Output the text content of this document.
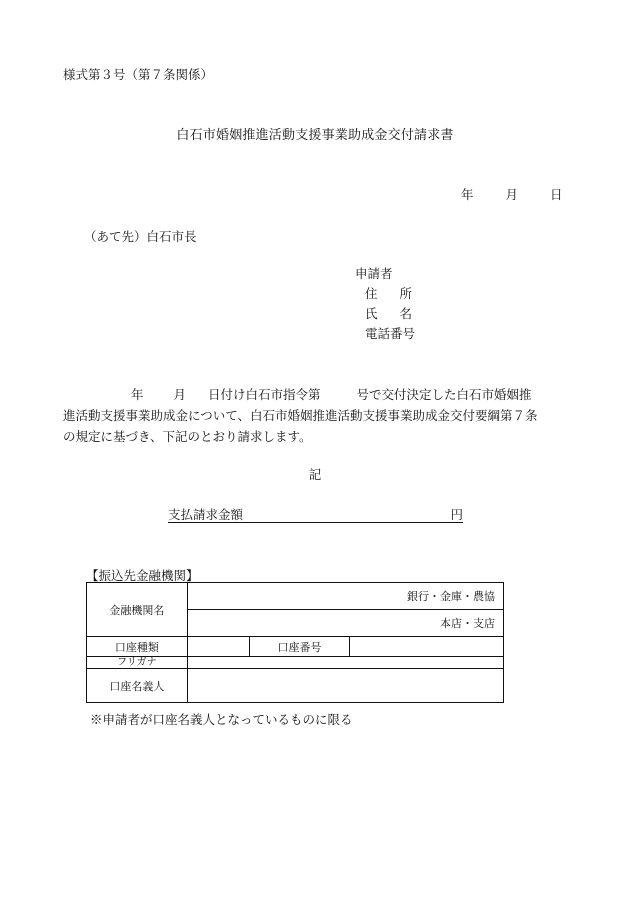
様式第３号（第７条関係）
白石市婚姻推進活動支援事業助成金交付請求書
年	月	日
（あて先）白石市長
申請者
住 所
氏 名
電話番号
年 月 日付け白石市指令第	号で交付決定した白石市婚姻推
進活動支援事業助成金について、白石市婚姻推進活動支援事業助成金交付要綱第７条
の規定に基づき、下記のとおり請求します。
記
支払請求金額	円
【振込先金融機関】
金融機関名	銀行・金庫・農協		
	本店・支店		
口座種類		口座番号	
フリガナ			
口座名義人			
※申請者が口座名義人となっているものに限る
